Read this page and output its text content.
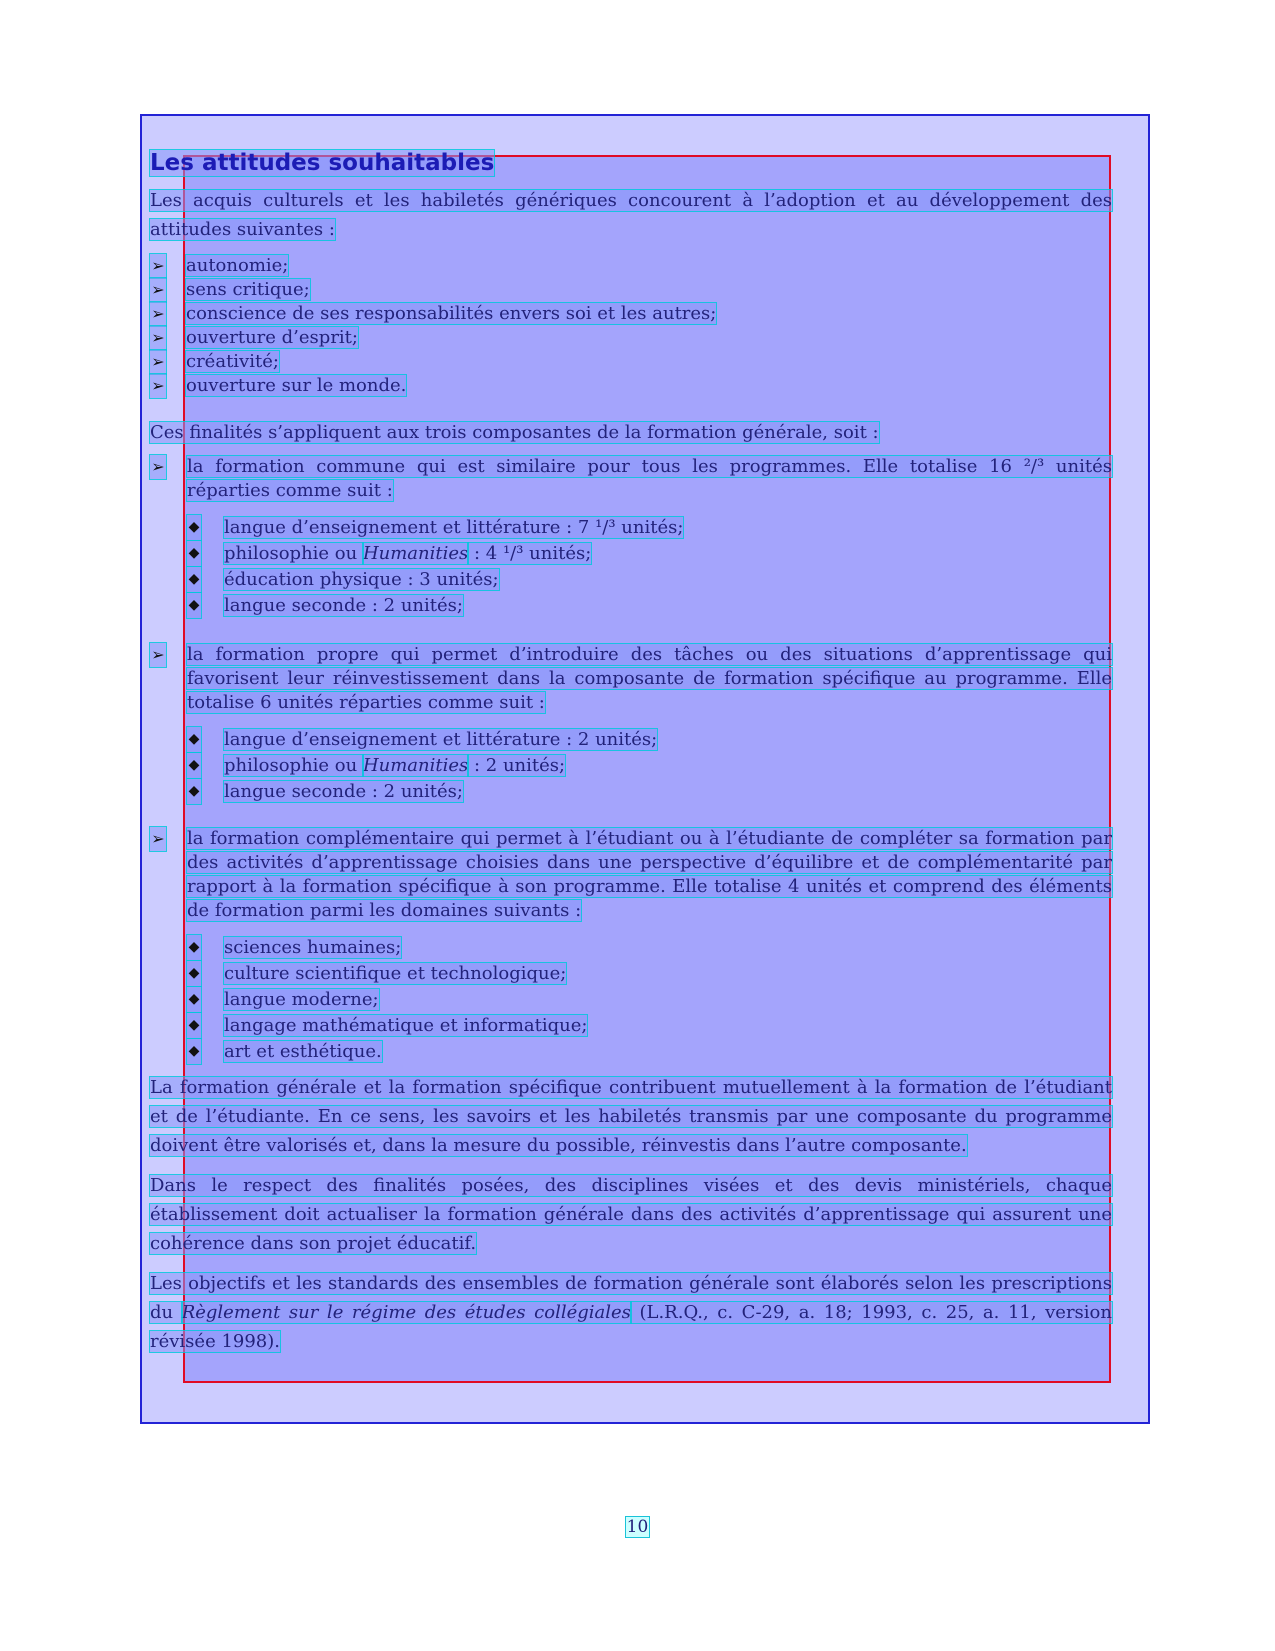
Les attitudes souhaitables

Les acquis culturels et les habiletés génériques concourent à l’adoption et au développement des attitudes suivantes :

➢ autonomie;
➢ sens critique;
➢ conscience de ses responsabilités envers soi et les autres;
➢ ouverture d’esprit;
➢ créativité;
➢ ouverture sur le monde.

Ces finalités s’appliquent aux trois composantes de la formation générale, soit :

➢ la formation commune qui est similaire pour tous les programmes. Elle totalise 16 ²/³ unités réparties comme suit :
◆ langue d’enseignement et littérature : 7 ¹/³ unités;
◆ philosophie ou Humanities : 4 ¹/³ unités;
◆ éducation physique : 3 unités;
◆ langue seconde : 2 unités;
➢ la formation propre qui permet d’introduire des tâches ou des situations d’apprentissage qui favorisent leur réinvestissement dans la composante de formation spécifique au programme. Elle totalise 6 unités réparties comme suit :
◆ langue d’enseignement et littérature : 2 unités;
◆ philosophie ou Humanities : 2 unités;
◆ langue seconde : 2 unités;
➢ la formation complémentaire qui permet à l’étudiant ou à l’étudiante de compléter sa formation par des activités d’apprentissage choisies dans une perspective d’équilibre et de complémentarité par rapport à la formation spécifique à son programme. Elle totalise 4 unités et comprend des éléments de formation parmi les domaines suivants :
◆ sciences humaines;
◆ culture scientifique et technologique;
◆ langue moderne;
◆ langage mathématique et informatique;
◆ art et esthétique.

La formation générale et la formation spécifique contribuent mutuellement à la formation de l’étudiant et de l’étudiante. En ce sens, les savoirs et les habiletés transmis par une composante du programme doivent être valorisés et, dans la mesure du possible, réinvestis dans l’autre composante.

Dans le respect des finalités posées, des disciplines visées et des devis ministériels, chaque établissement doit actualiser la formation générale dans des activités d’apprentissage qui assurent une cohérence dans son projet éducatif.

Les objectifs et les standards des ensembles de formation générale sont élaborés selon les prescriptions du Règlement sur le régime des études collégiales (L.R.Q., c. C-29, a. 18; 1993, c. 25, a. 11, version révisée 1998).

10
